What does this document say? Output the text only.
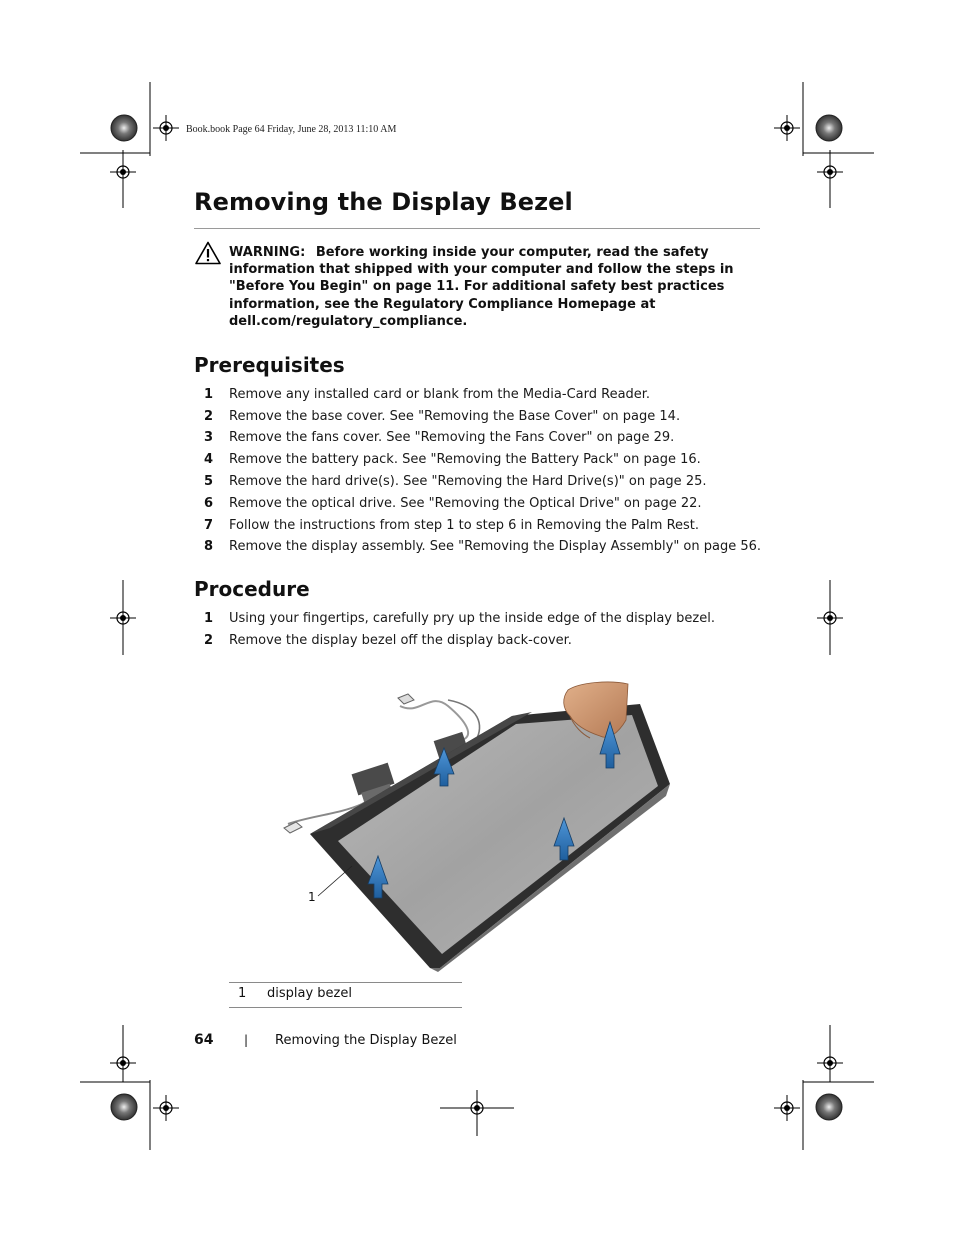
Book.book Page 64 Friday, June 28, 2013 11:10 AM
Removing the Display Bezel
WARNING: Before working inside your computer, read the safety information that shipped with your computer and follow the steps in "Before You Begin" on page 11. For additional safety best practices information, see the Regulatory Compliance Homepage at dell.com/regulatory_compliance.
Prerequisites
1 Remove any installed card or blank from the Media-Card Reader.
2 Remove the base cover. See "Removing the Base Cover" on page 14.
3 Remove the fans cover. See "Removing the Fans Cover" on page 29.
4 Remove the battery pack. See "Removing the Battery Pack" on page 16.
5 Remove the hard drive(s). See "Removing the Hard Drive(s)" on page 25.
6 Remove the optical drive. See "Removing the Optical Drive" on page 22.
7 Follow the instructions from step 1 to step 6 in Removing the Palm Rest.
8 Remove the display assembly. See "Removing the Display Assembly" on page 56.
Procedure
1 Using your fingertips, carefully pry up the inside edge of the display bezel.
2 Remove the display bezel off the display back-cover.
1
1 display bezel
64	| Removing the Display Bezel
